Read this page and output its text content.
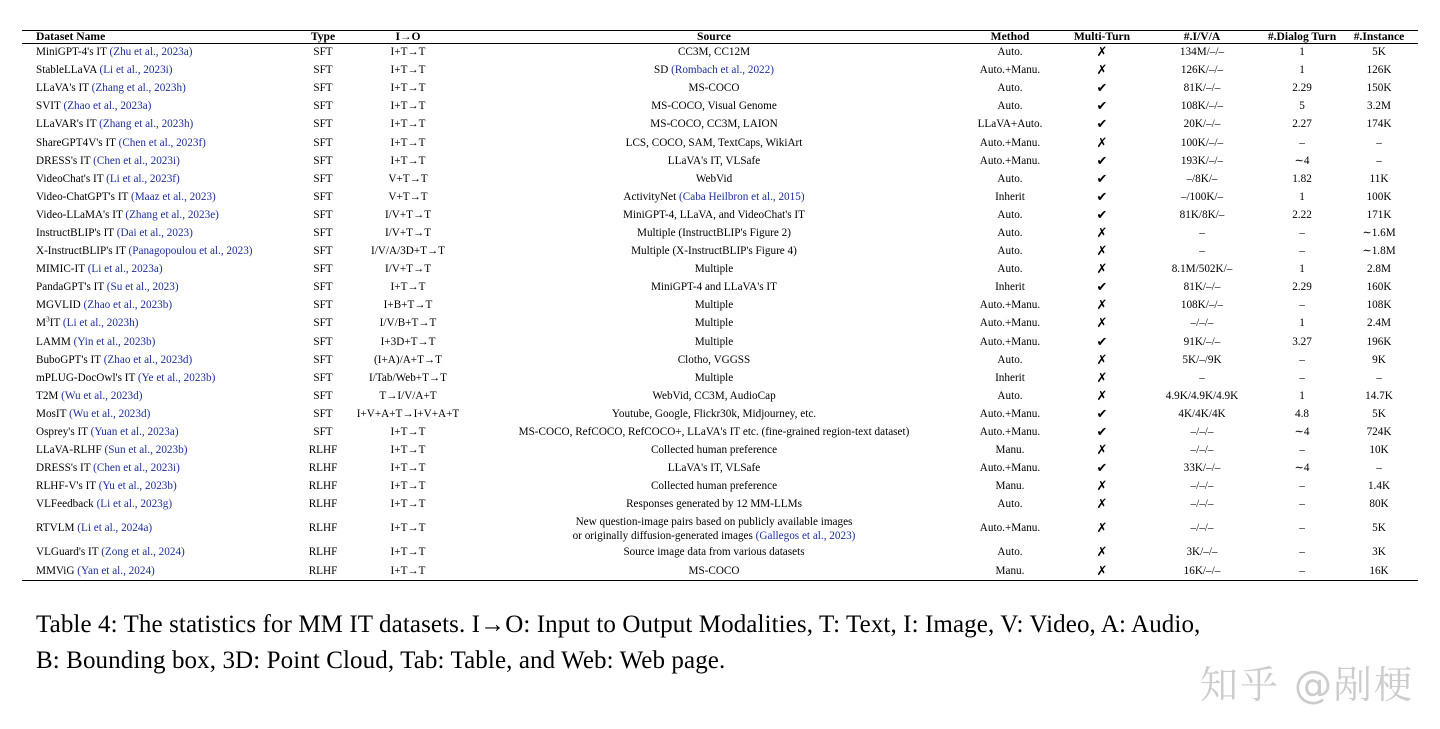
Dataset Name	Type	I→O	Source	Method	Multi-Turn	#.I/V/A	#.Dialog Turn	#.Instance

MiniGPT-4's IT (Zhu et al., 2023a)	SFT	I+T→T	CC3M, CC12M	Auto.	✗	134M/–/–	1	5K
StableLLaVA (Li et al., 2023i)	SFT	I+T→T	SD (Rombach et al., 2022)	Auto.+Manu.	✗	126K/–/–	1	126K
LLaVA's IT (Zhang et al., 2023h)	SFT	I+T→T	MS-COCO	Auto.	✔	81K/–/–	2.29	150K
SVIT (Zhao et al., 2023a)	SFT	I+T→T	MS-COCO, Visual Genome	Auto.	✔	108K/–/–	5	3.2M
LLaVAR's IT (Zhang et al., 2023h)	SFT	I+T→T	MS-COCO, CC3M, LAION	LLaVA+Auto.	✔	20K/–/–	2.27	174K
ShareGPT4V's IT (Chen et al., 2023f)	SFT	I+T→T	LCS, COCO, SAM, TextCaps, WikiArt	Auto.+Manu.	✗	100K/–/–	–	–
DRESS's IT (Chen et al., 2023i)	SFT	I+T→T	LLaVA's IT, VLSafe	Auto.+Manu.	✔	193K/–/–	∼4	–
VideoChat's IT (Li et al., 2023f)	SFT	V+T→T	WebVid	Auto.	✔	–/8K/–	1.82	11K
Video-ChatGPT's IT (Maaz et al., 2023)	SFT	V+T→T	ActivityNet (Caba Heilbron et al., 2015)	Inherit	✔	–/100K/–	1	100K
Video-LLaMA's IT (Zhang et al., 2023e)	SFT	I/V+T→T	MiniGPT-4, LLaVA, and VideoChat's IT	Auto.	✔	81K/8K/–	2.22	171K
InstructBLIP's IT (Dai et al., 2023)	SFT	I/V+T→T	Multiple (InstructBLIP's Figure 2)	Auto.	✗	–	–	∼1.6M
X-InstructBLIP's IT (Panagopoulou et al., 2023)	SFT	I/V/A/3D+T→T	Multiple (X-InstructBLIP's Figure 4)	Auto.	✗	–	–	∼1.8M
MIMIC-IT (Li et al., 2023a)	SFT	I/V+T→T	Multiple	Auto.	✗	8.1M/502K/–	1	2.8M
PandaGPT's IT (Su et al., 2023)	SFT	I+T→T	MiniGPT-4 and LLaVA's IT	Inherit	✔	81K/–/–	2.29	160K
MGVLID (Zhao et al., 2023b)	SFT	I+B+T→T	Multiple	Auto.+Manu.	✗	108K/–/–	–	108K
$M^3IT$ (Li et al., 2023h)	SFT	I/V/B+T→T	Multiple	Auto.+Manu.	✗	–/–/–	1	2.4M
LAMM (Yin et al., 2023b)	SFT	I+3D+T→T	Multiple	Auto.+Manu.	✔	91K/–/–	3.27	196K
BuboGPT's IT (Zhao et al., 2023d)	SFT	(I+A)/A+T→T	Clotho, VGGSS	Auto.	✗	5K/–/9K	–	9K
mPLUG-DocOwl's IT (Ye et al., 2023b)	SFT	I/Tab/Web+T→T	Multiple	Inherit	✗	–	–	–
T2M (Wu et al., 2023d)	SFT	T→I/V/A+T	WebVid, CC3M, AudioCap	Auto.	✗	4.9K/4.9K/4.9K	1	14.7K
MosIT (Wu et al., 2023d)	SFT	I+V+A+T→I+V+A+T	Youtube, Google, Flickr30k, Midjourney, etc.	Auto.+Manu.	✔	4K/4K/4K	4.8	5K
Osprey's IT (Yuan et al., 2023a)	SFT	I+T→T	MS-COCO, RefCOCO, RefCOCO+, LLaVA's IT etc. (fine-grained region-text dataset)	Auto.+Manu.	✔	–/–/–	∼4	724K
LLaVA-RLHF (Sun et al., 2023b)	RLHF	I+T→T	Collected human preference	Manu.	✗	–/–/–	–	10K
DRESS's IT (Chen et al., 2023i)	RLHF	I+T→T	LLaVA's IT, VLSafe	Auto.+Manu.	✔	33K/–/–	∼4	–
RLHF-V's IT (Yu et al., 2023b)	RLHF	I+T→T	Collected human preference	Manu.	✗	–/–/–	–	1.4K
VLFeedback (Li et al., 2023g)	RLHF	I+T→T	Responses generated by 12 MM-LLMs	Auto.	✗	–/–/–	–	80K
RTVLM (Li et al., 2024a)	RLHF	I+T→T	New question-image pairs based on publicly available images
or originally diffusion-generated images (Gallegos et al., 2023)	Auto.+Manu.	✗	–/–/–	–	5K
VLGuard's IT (Zong et al., 2024)	RLHF	I+T→T	Source image data from various datasets	Auto.	✗	3K/–/–	–	3K
MMViG (Yan et al., 2024)	RLHF	I+T→T	MS-COCO	Manu.	✗	16K/–/–	–	16K

Table 4: The statistics for MM IT datasets. I→O: Input to Output Modalities, T: Text, I: Image, V: Video, A: Audio,
B: Bounding box, 3D: Point Cloud, Tab: Table, and Web: Web page.
知乎 @剐梗
